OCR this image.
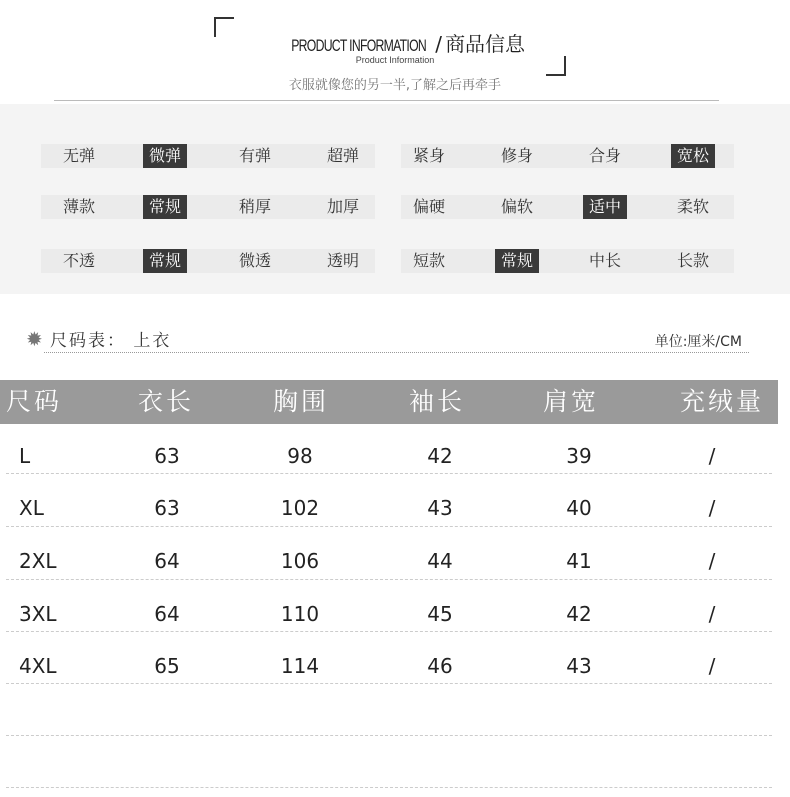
PRODUCT INFORMATION / 商品信息
Product Information
衣服就像您的另一半,了解之后再牵手
无弹	微弹	有弹	超弹	紧身	修身	合身	宽松
薄款	常规	稍厚	加厚	偏硬	偏软	适中	柔软
不透	常规	微透	透明	短款	常规	中长	长款
✹ 尺码表： 上衣	单位:厘米/CM
尺码	衣长	胸围	袖长	肩宽	充绒量
L	63	98	42	39	/
XL	63	102	43	40	/
2XL	64	106	44	41	/
3XL	64	110	45	42	/
4XL	65	114	46	43	/
